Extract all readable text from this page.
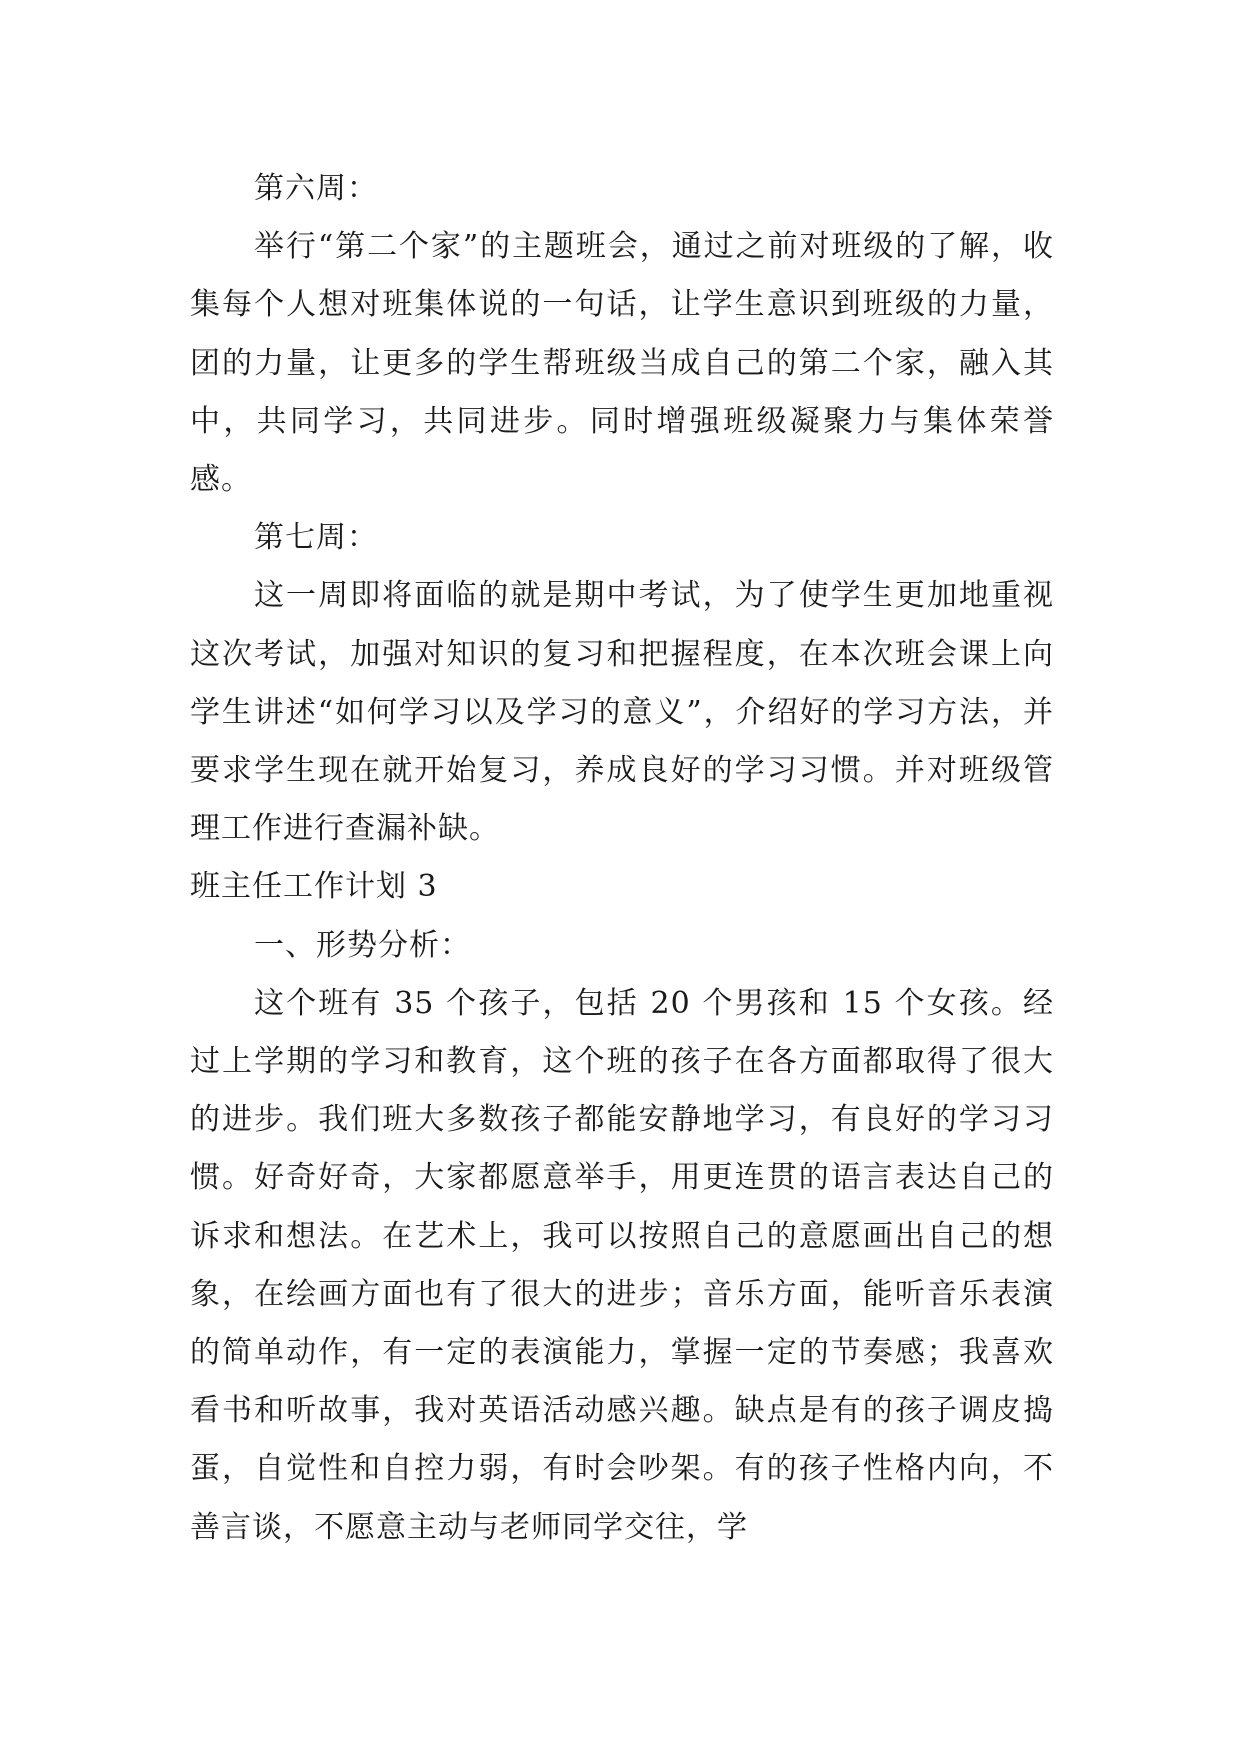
第六周：

举行“第二个家”的主题班会，通过之前对班级的了解，收集每个人想对班集体说的一句话，让学生意识到班级的力量，团的力量，让更多的学生帮班级当成自己的第二个家，融入其中，共同学习，共同进步。同时增强班级凝聚力与集体荣誉感。

第七周：

这一周即将面临的就是期中考试，为了使学生更加地重视这次考试，加强对知识的复习和把握程度，在本次班会课上向学生讲述“如何学习以及学习的意义”，介绍好的学习方法，并要求学生现在就开始复习，养成良好的学习习惯。并对班级管理工作进行查漏补缺。

班主任工作计划 3

一、形势分析：

这个班有 35 个孩子，包括 20 个男孩和 15 个女孩。经过上学期的学习和教育，这个班的孩子在各方面都取得了很大的进步。我们班大多数孩子都能安静地学习，有良好的学习习惯。好奇好奇，大家都愿意举手，用更连贯的语言表达自己的诉求和想法。在艺术上，我可以按照自己的意愿画出自己的想象，在绘画方面也有了很大的进步；音乐方面，能听音乐表演的简单动作，有一定的表演能力，掌握一定的节奏感；我喜欢看书和听故事，我对英语活动感兴趣。缺点是有的孩子调皮捣蛋，自觉性和自控力弱，有时会吵架。有的孩子性格内向，不善言谈，不愿意主动与老师同学交往，学
